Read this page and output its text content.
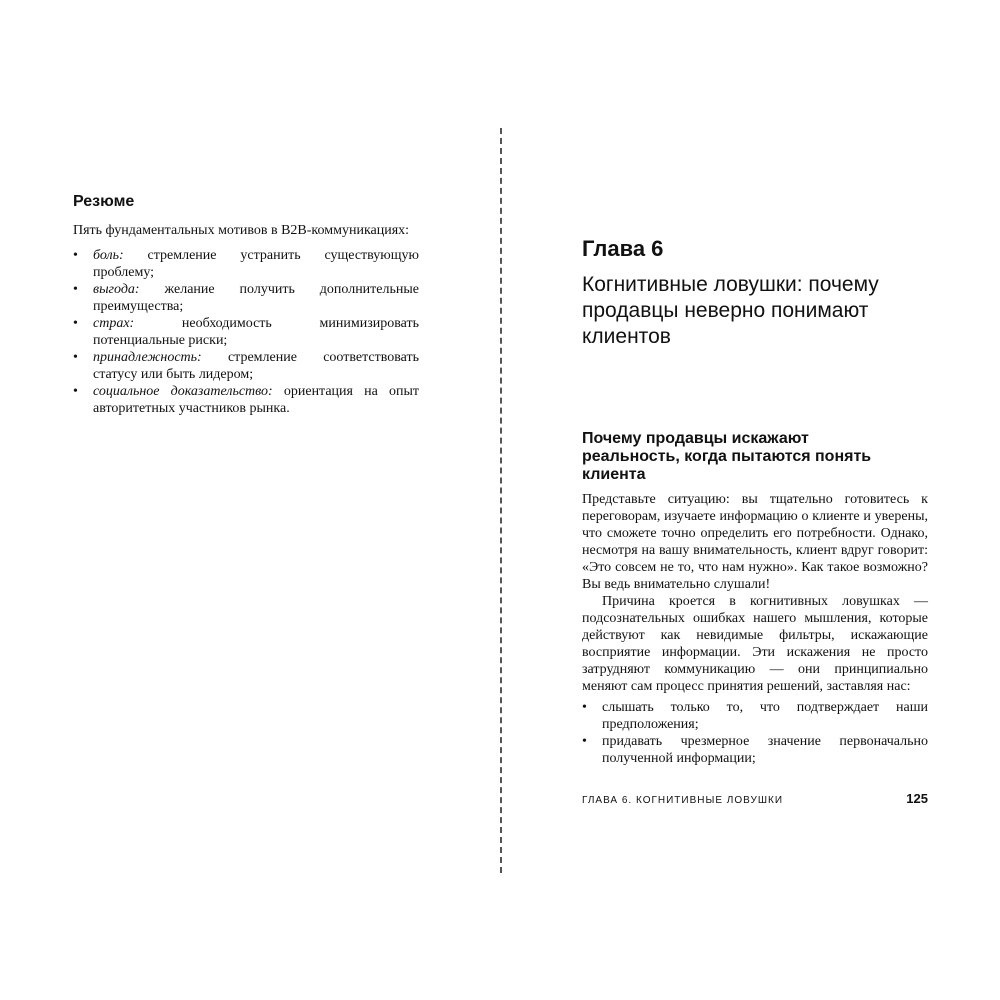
Резюме

Пять фундаментальных мотивов в B2B-коммуникациях:

• боль: стремление устранить существующую проблему;
• выгода: желание получить дополнительные преимущества;
• страх: необходимость минимизировать потенциальные риски;
• принадлежность: стремление соответствовать статусу или быть лидером;
• социальное доказательство: ориентация на опыт авторитетных участников рынка.
Глава 6
Когнитивные ловушки: почему продавцы неверно понимают клиентов
Почему продавцы искажают реальность, когда пытаются понять клиента

Представьте ситуацию: вы тщательно готовитесь к переговорам, изучаете информацию о клиенте и уверены, что сможете точно определить его потребности. Однако, несмотря на вашу внимательность, клиент вдруг говорит: «Это совсем не то, что нам нужно». Как такое возможно? Вы ведь внимательно слушали!

Причина кроется в когнитивных ловушках — подсознательных ошибках нашего мышления, которые действуют как невидимые фильтры, искажающие восприятие информации. Эти искажения не просто затрудняют коммуникацию — они принципиально меняют сам процесс принятия решений, заставляя нас:

• слышать только то, что подтверждает наши предположения;
• придавать чрезмерное значение первоначально полученной информации;
ГЛАВА 6. КОГНИТИВНЫЕ ЛОВУШКИ	125
